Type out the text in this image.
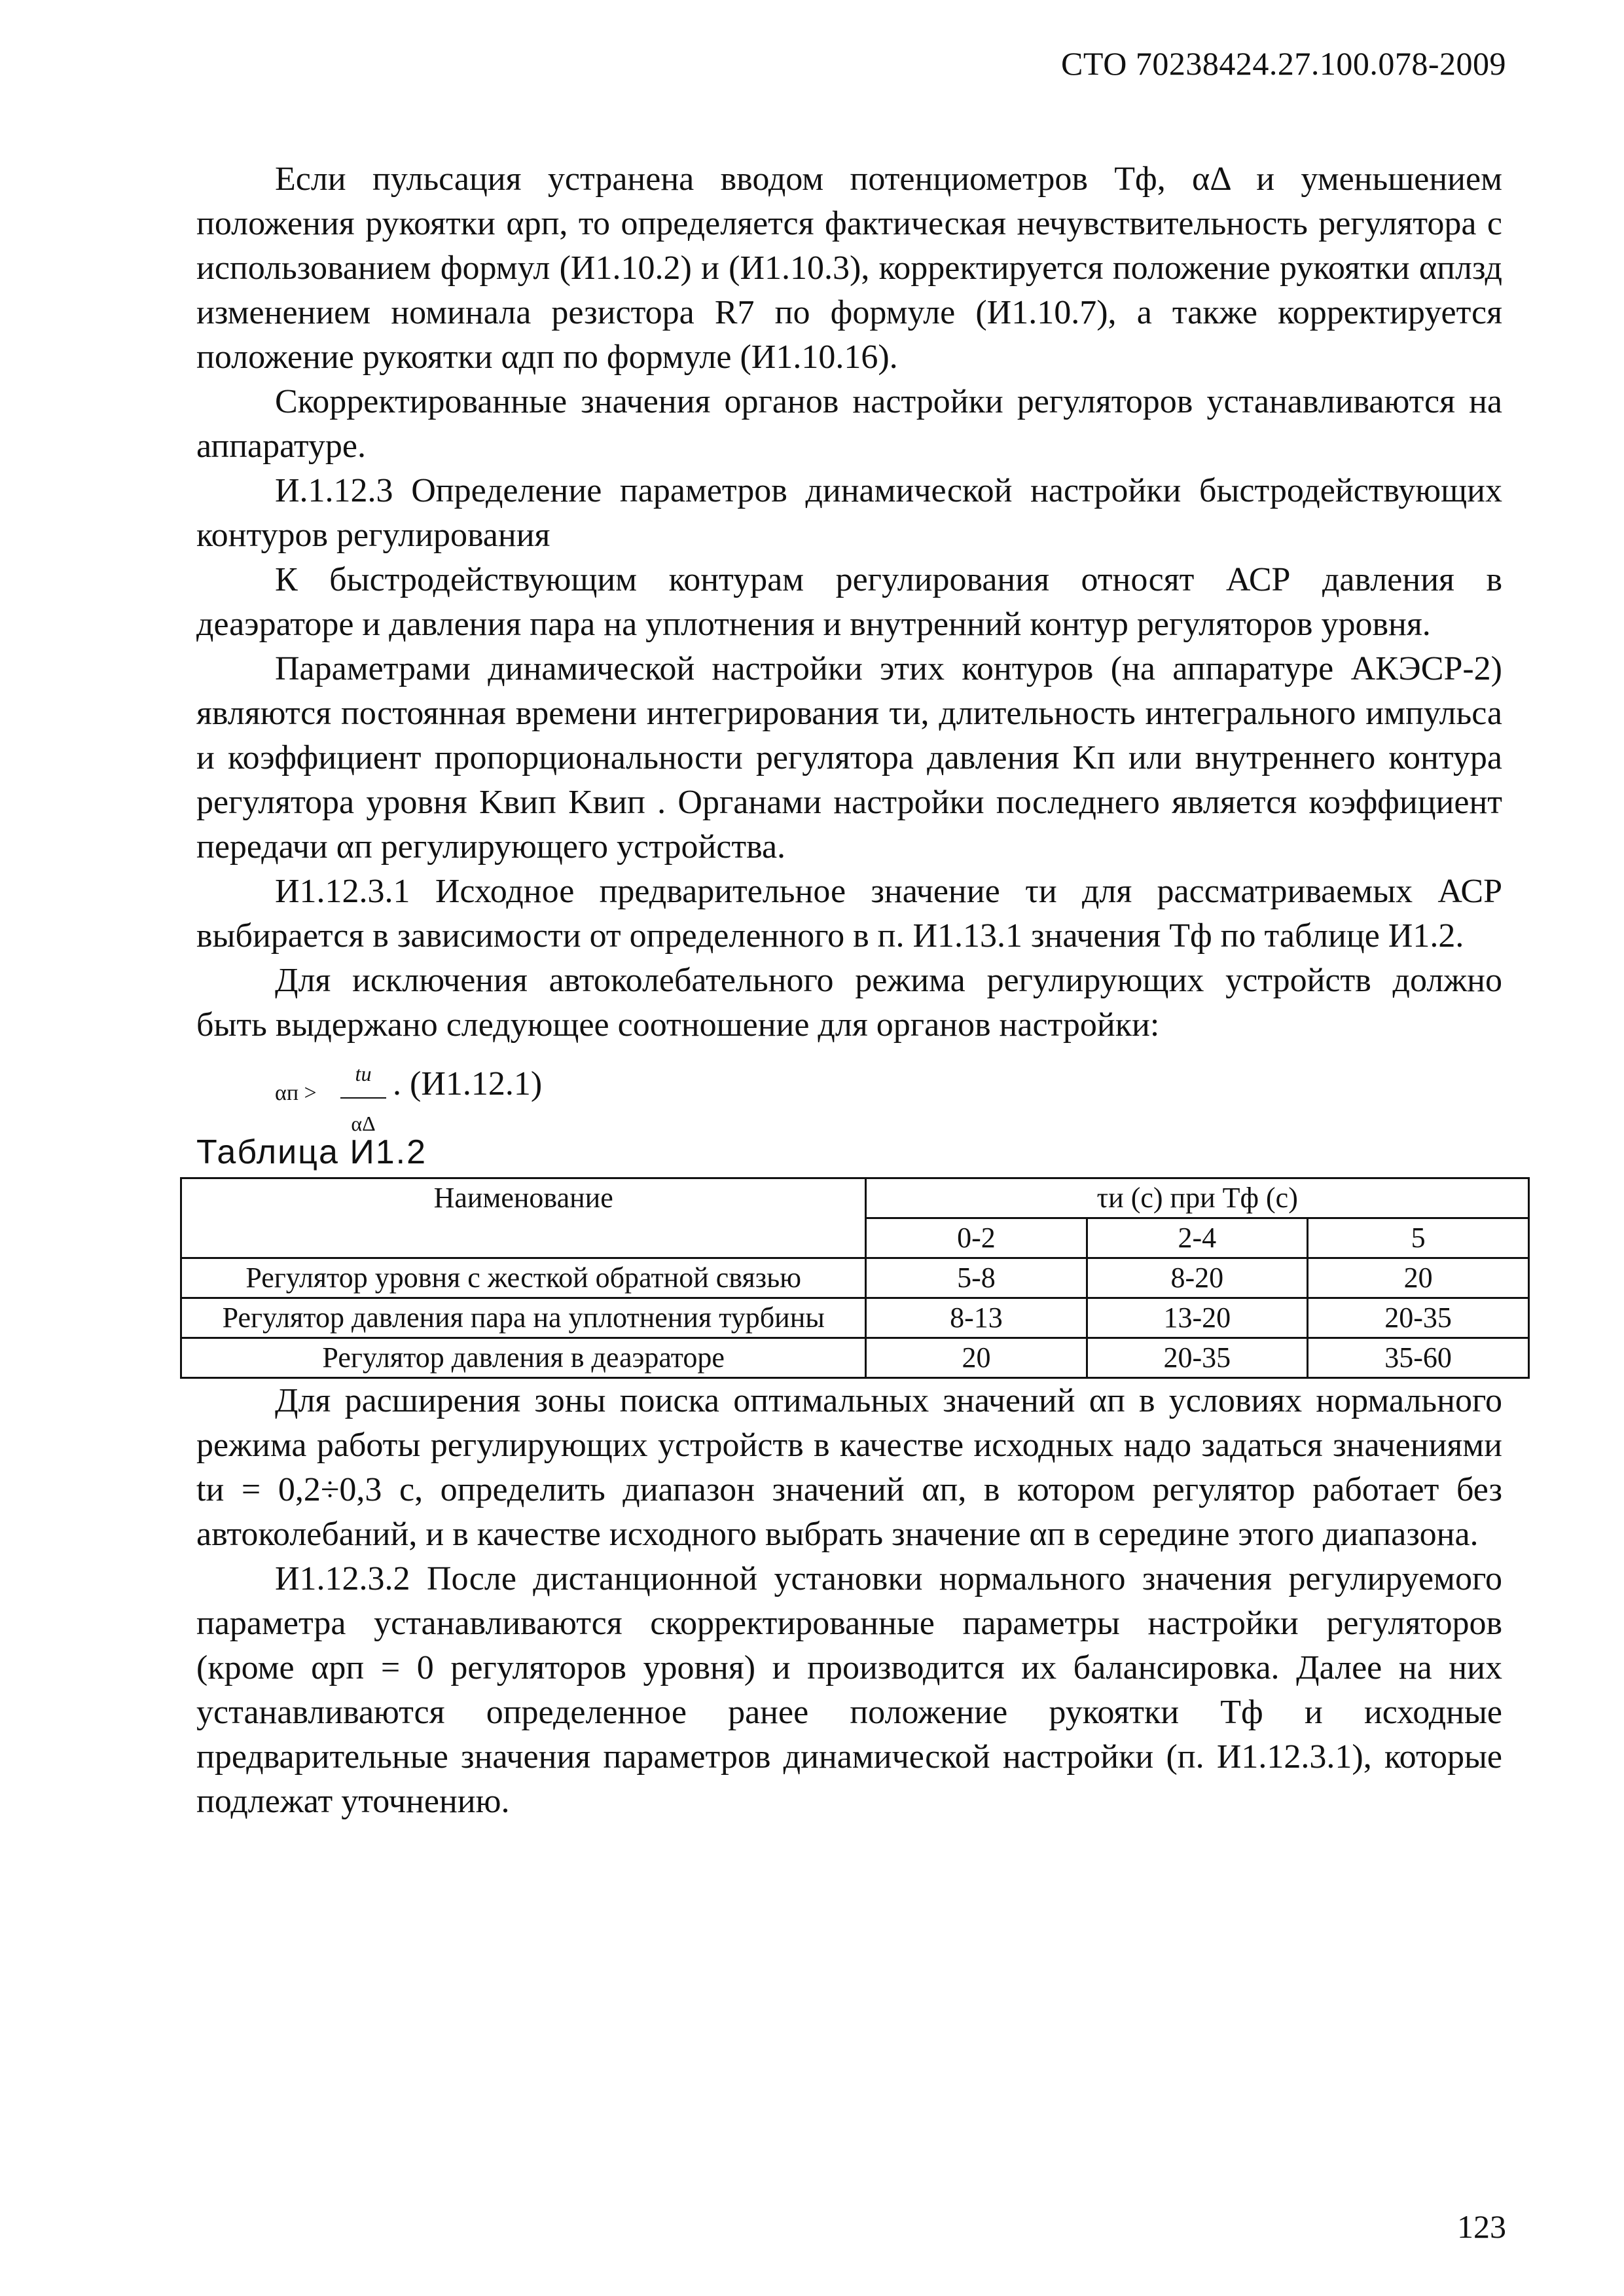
СТО 70238424.27.100.078-2009

Если пульсация устранена вводом потенциометров Tф, αΔ и уменьшением положения рукоятки αрп, то определяется фактическая нечувствительность регулятора с использованием формул (И1.10.2) и (И1.10.3), корректируется положение рукоятки αплзд изменением номинала резистора R7 по формуле (И1.10.7), а также корректируется положение рукоятки αдп по формуле (И1.10.16).

Скорректированные значения органов настройки регуляторов устанавливаются на аппаратуре.

И.1.12.3 Определение параметров динамической настройки быстродействующих контуров регулирования

К быстродействующим контурам регулирования относят АСР давления в деаэраторе и давления пара на уплотнения и внутренний контур регуляторов уровня.

Параметрами динамической настройки этих контуров (на аппаратуре АКЭСР-2) являются постоянная времени интегрирования τи, длительность интегрального импульса и коэффициент пропорциональности регулятора давления Kп или внутреннего контура регулятора уровня Kвип Kвип . Органами настройки последнего является коэффициент передачи αп регулирующего устройства.

И1.12.3.1 Исходное предварительное значение τи для рассматриваемых АСР выбирается в зависимости от определенного в п. И1.13.1 значения Tф по таблице И1.2.

Для исключения автоколебательного режима регулирующих устройств должно быть выдержано следующее соотношение для органов настройки:

αп >
tи
αΔ
. (И1.12.1)

Таблица И1.2

Наименование	τи (с) при Tф (с)		
	0-2	2-4	5
Регулятор уровня с жесткой обратной связью	5-8	8-20	20
Регулятор давления пара на уплотнения турбины	8-13	13-20	20-35
Регулятор давления в деаэраторе	20	20-35	35-60

Для расширения зоны поиска оптимальных значений αп в условиях нормального режима работы регулирующих устройств в качестве исходных надо задаться значениями tи = 0,2÷0,3 с, определить диапазон значений αп, в котором регулятор работает без автоколебаний, и в качестве исходного выбрать значение αп в середине этого диапазона.

И1.12.3.2 После дистанционной установки нормального значения регулируемого параметра устанавливаются скорректированные параметры настройки регуляторов (кроме αрп = 0 регуляторов уровня) и производится их балансировка. Далее на них устанавливаются определенное ранее положение рукоятки Tф и исходные предварительные значения параметров динамической настройки (п. И1.12.3.1), которые подлежат уточнению.

123
